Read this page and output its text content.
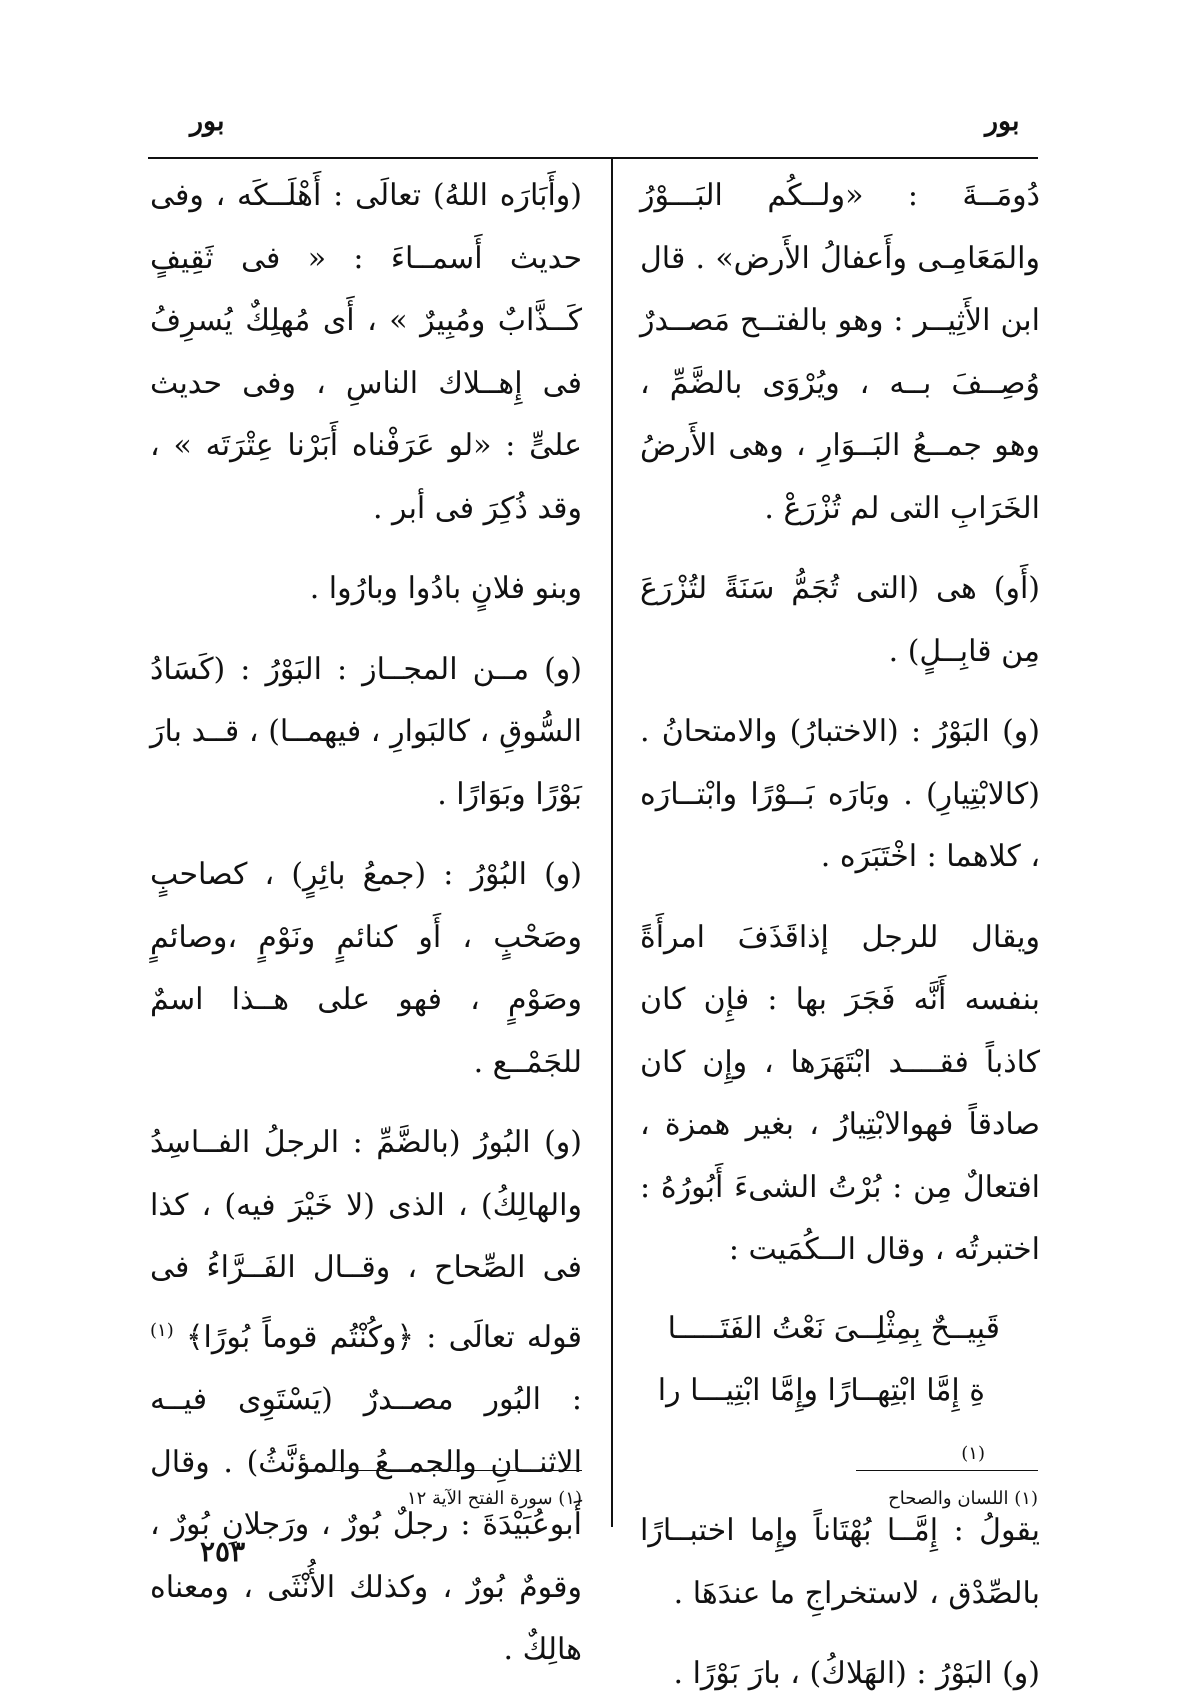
بور
بور

دُومَــةَ : «ولــكُم البَـــوْرُ والمَعَامِـى وأَعفالُ الأَرض» . قال ابن الأَثِيــر : وهو بالفتــح مَصــدرٌ وُصِــفَ بــه ، ويُرْوَى بالضَّمِّ ، وهو جمــعُ البَــوَارِ ، وهى الأَرضُ الخَرَابِ التى لم تُزْرَعْ .

(أَو) هى (التى تُجَمُّ سَنَةً لتُزْرَعَ مِن قابِــلٍ) .

(و) البَوْرُ : (الاختبارُ) والامتحانُ . (كالابْتِيارِ) . وبَارَه بَــوْرًا وابْتــارَه ، كلاهما : اخْتَبَرَه .

ويقال للرجل إذاقَذَفَ امرأَةً بنفسه أَنَّه فَجَرَ بها : فإِن كان كاذباً فقــــد ابْتَهَرَها ، وإِن كان صادقاً فهوالابْتِيارُ ، بغير همزة ، افتعالٌ مِن : بُرْتُ الشىءَ أَبُورُهُ : اختبرتُه ، وقال الــكُمَيت :

قَبِيــحٌ بِمِثْلِــىَ نَعْتُ الفَتَـــــا
ةِ إِمَّا ابْتِهــارًا وإِمَّا ابْتِيـــا را $^{(١)}$

يقولُ : إِمَّــا بُهْتَاناً وإِما اختبــارًا بالصِّدْق ، لاستخراجِ ما عندَهَا .

(و) البَوْرُ : (الهَلاكُ) ، بارَ بَوْرًا .

(وأَبَارَه اللهُ) تعالَى : أَهْلَــكَه ، وفى حديث أَسمــاءَ : « فى ثَقِيفٍ كَــذَّابٌ ومُبِيرٌ » ، أَى مُهلِكٌ يُسرِفُ فى إِهــلاك الناسِ ، وفى حديث علىٍّ : «لو عَرَفْناه أَبَرْنا عِتْرَتَه » ، وقد ذُكِرَ فى أبر .

وبنو فلانٍ بادُوا وبارُوا .

(و) مــن المجــاز : البَوْرُ : (كَسَادُ السُّوقِ ، كالبَوارِ ، فيهمــا) ، قــد بارَ بَوْرًا وبَوَارًا .

(و) البُوْرُ : (جمعُ بائِرٍ) ، كصاحبٍ وصَحْبٍ ، أَو كنائمٍ ونَوْمٍ ،وصائمٍ وصَوْمٍ ، فهو على هــذا اسمٌ للجَمْــع .

(و) البُورُ (بالضَّمِّ : الرجلُ الفــاسِدُ والهالِكُ) ، الذى (لا خَيْرَ فيه) ، كذا فى الصِّحاح ، وقــال الفَــرَّاءُ فى قوله تعالَى : ﴿وكُنْتُم قوماً بُورًا﴾ $^{(١)}$ : البُور مصــدرٌ (يَسْتَوِى فيــه الاثنــانِ والجمــعُ والمؤنَّثُ) . وقال أَبوعُبَيْدَةَ : رجلٌ بُورٌ ، ورَجلانِ بُورٌ ، وقومٌ بُورٌ ، وكذلك الأُنْثَى ، ومعناه هالِكٌ .

(١) اللسان والصحاح
(١) سورة الفتح الآية ١٢
٢٥٣
